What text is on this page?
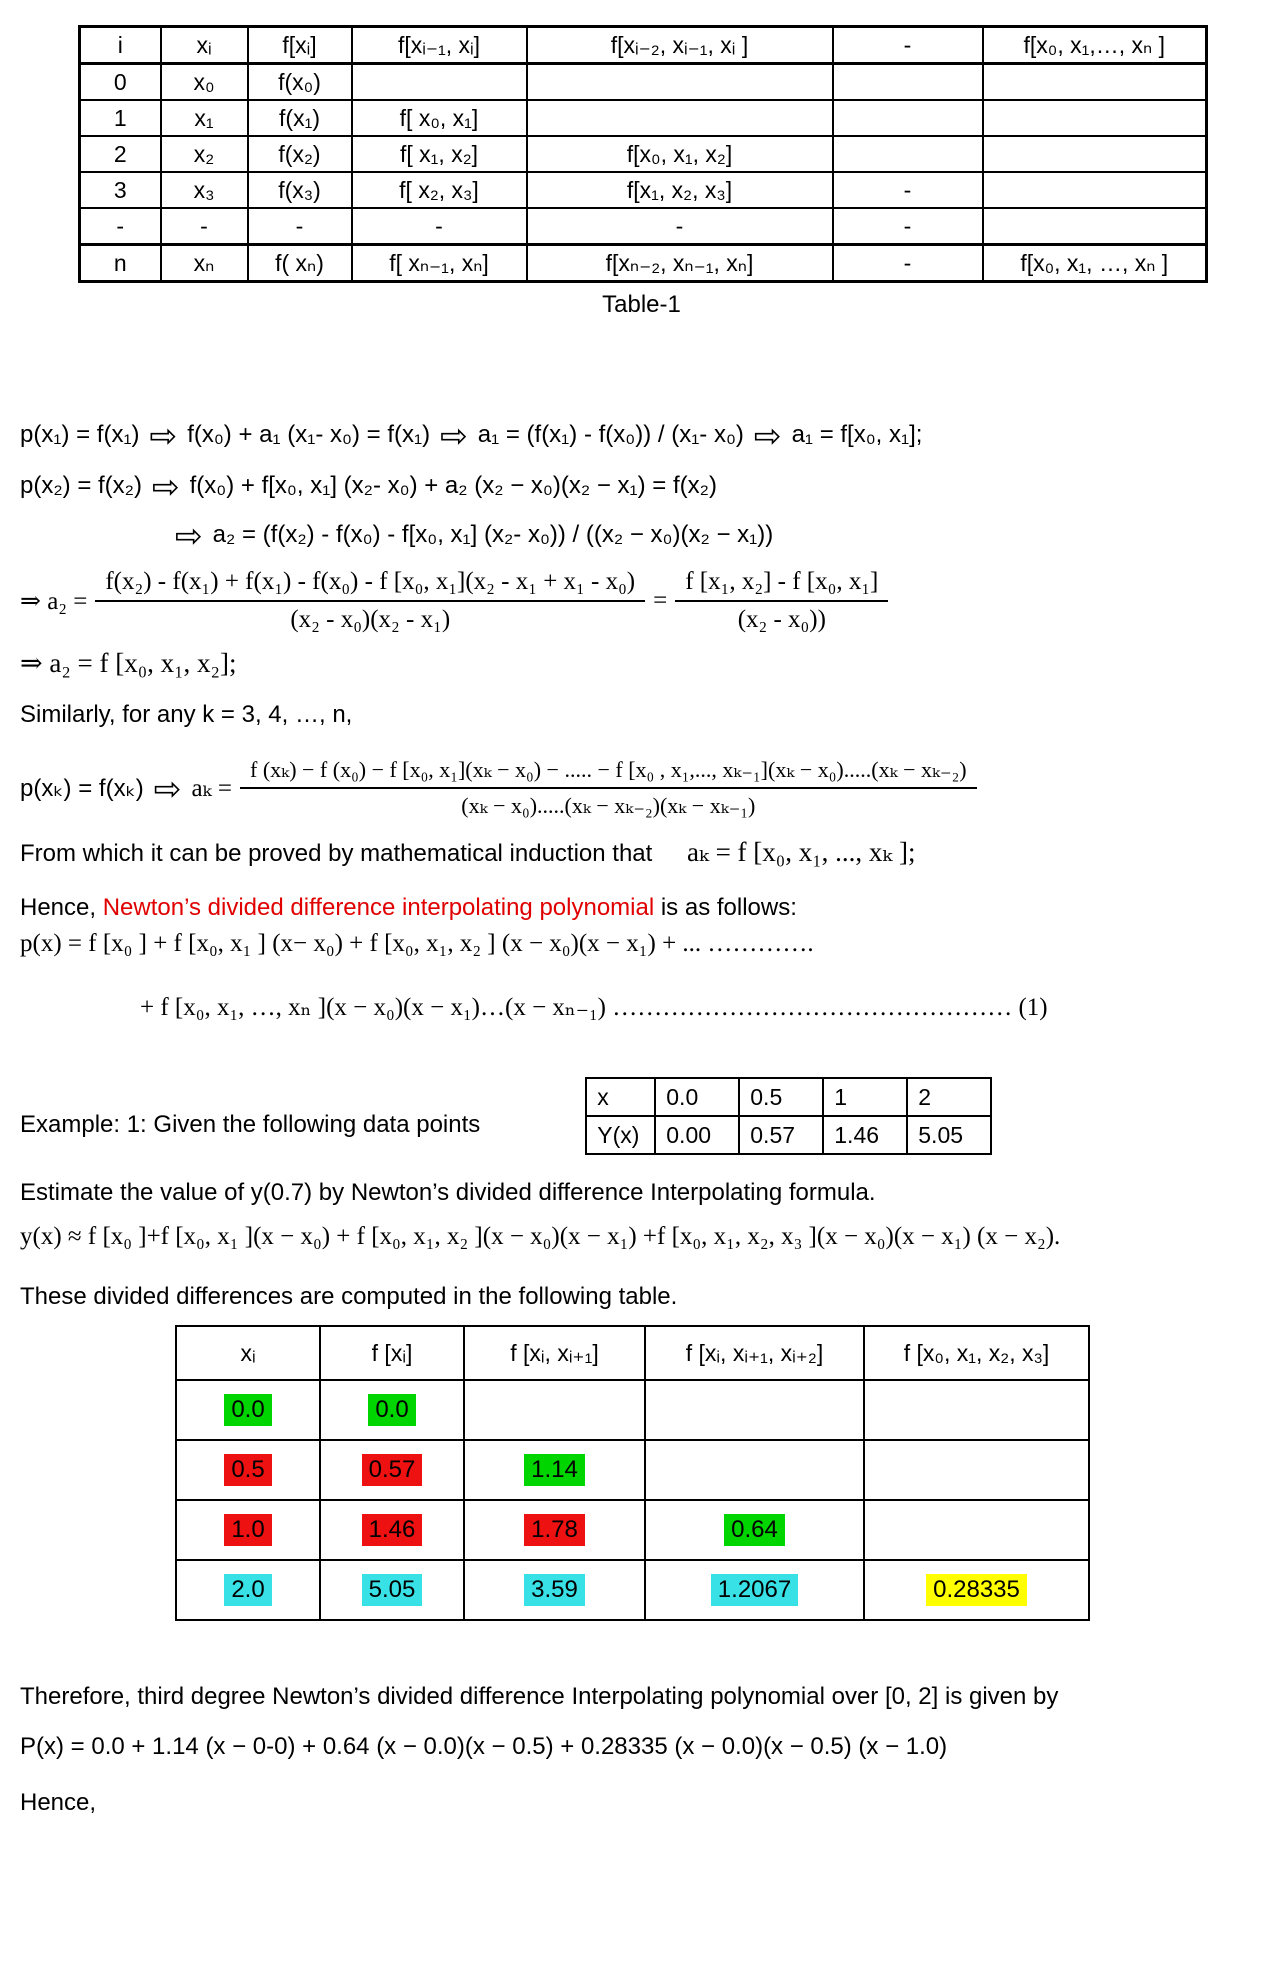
i	xᵢ	f[xᵢ]	f[xᵢ₋₁, xᵢ]	f[xᵢ₋₂, xᵢ₋₁, xᵢ ]	-	f[x₀, x₁,…, xₙ ]
0	x₀	f(x₀)				
1	x₁	f(x₁)	f[ x₀, x₁]			
2	x₂	f(x₂)	f[ x₁, x₂]	f[x₀, x₁, x₂]		
3	x₃	f(x₃)	f[ x₂, x₃]	f[x₁, x₂, x₃]	-	
-	-	-	-	-	-	
n	xₙ	f( xₙ)	f[ xₙ₋₁, xₙ]	f[xₙ₋₂, xₙ₋₁, xₙ]	-	f[x₀, x₁, …, xₙ ]
Table-1
p(x₁) = f(x₁) ⇨ f(x₀) + a₁ (x₁- x₀) = f(x₁) ⇨ a₁ = (f(x₁) - f(x₀)) / (x₁- x₀) ⇨ a₁ = f[x₀, x₁];
p(x₂) = f(x₂) ⇨ f(x₀) + f[x₀, x₁] (x₂- x₀) + a₂ (x₂ − x₀)(x₂ − x₁) = f(x₂)
⇨ a₂ = (f(x₂) - f(x₀) - f[x₀, x₁] (x₂- x₀)) / ((x₂ − x₀)(x₂ − x₁))
⇒ a₂ =
f(x₂) - f(x₁) + f(x₁) - f(x₀) - f [x₀, x₁](x₂ - x₁ + x₁ - x₀)
(x₂ - x₀)(x₂ - x₁)
= $\frac{\text{f [x₁, x₂] - f [x₀, x₁]}}{\text{(x₂ - x₀))}}$
⇒ a₂ = f [x₀, x₁, x₂];
Similarly, for any k = 3, 4, …, n,
p(xₖ) = f(xₖ) ⇨ aₖ =
f (xₖ) − f (x₀) − f [x₀, x₁](xₖ − x₀) − ..... − f [x₀ , x₁,..., xₖ₋₁](xₖ − x₀).....(xₖ − xₖ₋₂)
(xₖ − x₀).....(xₖ − xₖ₋₂)(xₖ − xₖ₋₁)
From which it can be proved by mathematical induction that aₖ = f [x₀, x₁, ..., xₖ ];
Hence, Newton’s divided difference interpolating polynomial is as follows:
p(x) = f [x₀ ] + f [x₀, x₁ ] (x− x₀) + f [x₀, x₁, x₂ ] (x − x₀)(x − x₁) + ... ………….
+ f [x₀, x₁, …, xₙ ](x − x₀)(x − x₁)…(x − xₙ₋₁) ………………………………………… (1)
Example: 1: Given the following data points
x	0.0	0.5	1	2
Y(x)	0.00	0.57	1.46	5.05
Estimate the value of y(0.7) by Newton’s divided difference Interpolating formula.
y(x) ≈ f [x₀ ]+f [x₀, x₁ ](x − x₀) + f [x₀, x₁, x₂ ](x − x₀)(x − x₁) +f [x₀, x₁, x₂, x₃ ](x − x₀)(x − x₁) (x − x₂).
These divided differences are computed in the following table.
xᵢ	f [xᵢ]	f [xᵢ, xᵢ₊₁]	f [xᵢ, xᵢ₊₁, xᵢ₊₂]	f [x₀, x₁, x₂, x₃]
0.0	0.0			
0.5	0.57	1.14		
1.0	1.46	1.78	0.64	
2.0	5.05	3.59	1.2067	0.28335
Therefore, third degree Newton’s divided difference Interpolating polynomial over [0, 2] is given by
P(x) = 0.0 + 1.14 (x − 0-0) + 0.64 (x − 0.0)(x − 0.5) + 0.28335 (x − 0.0)(x − 0.5) (x − 1.0)
Hence,
